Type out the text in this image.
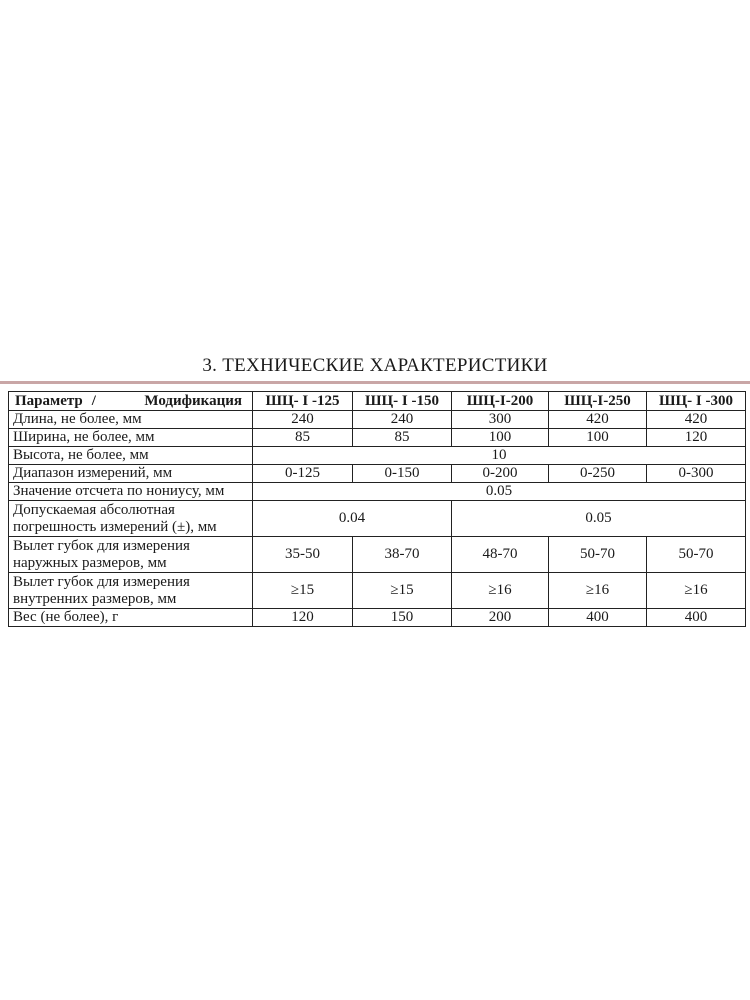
3. ТЕХНИЧЕСКИЕ ХАРАКТЕРИСТИКИ
Параметр / Модификация	ШЦ- I -125	ШЦ- I -150	ШЦ-I-200	ШЦ-I-250	ШЦ- I -300
Длина, не более, мм	240	240	300	420	420
Ширина, не более, мм	85	85	100	100	120
Высота, не более, мм	10				
Диапазон измерений, мм	0-125	0-150	0-200	0-250	0-300
Значение отсчета по нониусу, мм	0.05				

Допускаемая абсолютная
погрешность измерений (±), мм	0.04		0.05		

Вылет губок для измерения
наружных размеров, мм	35-50	38-70	48-70	50-70	50-70

Вылет губок для измерения
внутренних размеров, мм	≥15	≥15	≥16	≥16	≥16
Вес (не более), г	120	150	200	400	400
